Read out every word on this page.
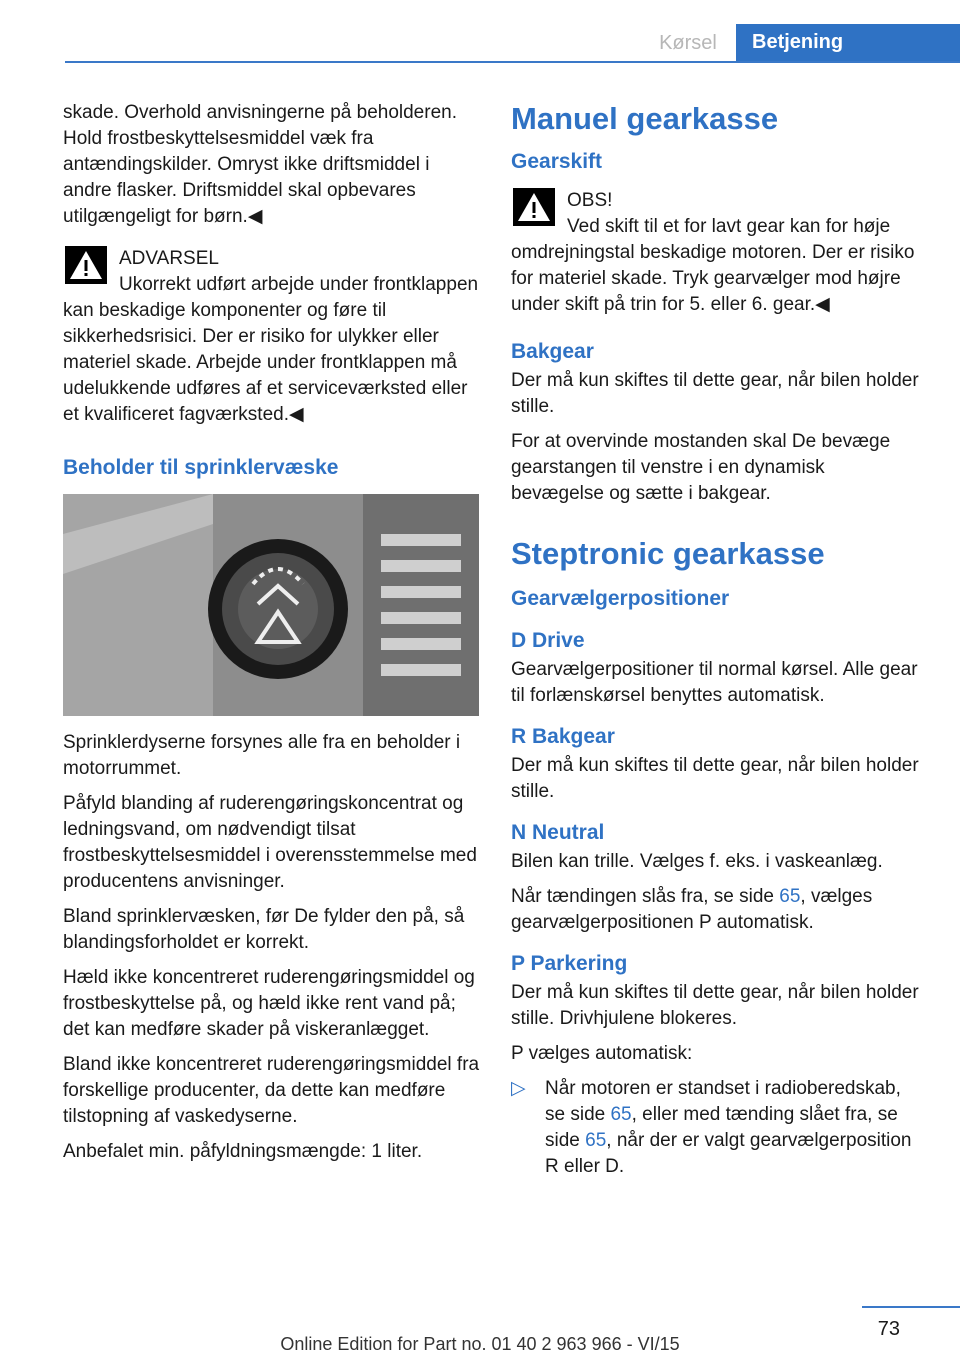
Kørsel	Betjening

skade. Overhold anvisningerne på beholderen. Hold frostbeskyttelsesmiddel væk fra antændingskilder. Omryst ikke driftsmiddel i andre flasker. Driftsmiddel skal opbevares utilgængeligt for børn.◀

ADVARSEL
Ukorrekt udført arbejde under frontklappen kan beskadige komponenter og føre til sikkerhedsrisici. Der er risiko for ulykker eller materiel skade. Arbejde under frontklappen må udelukkende udføres af et serviceværksted eller et kvalificeret fagværksted.◀

Beholder til sprinklervæske

Sprinklerdyserne forsynes alle fra en beholder i motorrummet.

Påfyld blanding af ruderengøringskoncentrat og ledningsvand, om nødvendigt tilsat frostbeskyttelsesmiddel i overensstemmelse med producentens anvisninger.

Bland sprinklervæsken, før De fylder den på, så blandingsforholdet er korrekt.

Hæld ikke koncentreret ruderengøringsmiddel og frostbeskyttelse på, og hæld ikke rent vand på; det kan medføre skader på viskeranlægget.

Bland ikke koncentreret ruderengøringsmiddel fra forskellige producenter, da dette kan medføre tilstopning af vaskedyserne.

Anbefalet min. påfyldningsmængde: 1 liter.

Manuel gearkasse
Gearskift

OBS!
Ved skift til et for lavt gear kan for høje omdrejningstal beskadige motoren. Der er risiko for materiel skade. Tryk gearvælger mod højre under skift på trin for 5. eller 6. gear.◀

Bakgear

Der må kun skiftes til dette gear, når bilen holder stille.

For at overvinde mostanden skal De bevæge gearstangen til venstre i en dynamisk bevægelse og sætte i bakgear.

Steptronic gearkasse
Gearvælgerpositioner
D Drive

Gearvælgerpositioner til normal kørsel. Alle gear til forlænskørsel benyttes automatisk.

R Bakgear

Der må kun skiftes til dette gear, når bilen holder stille.

N Neutral

Bilen kan trille. Vælges f. eks. i vaskeanlæg.

Når tændingen slås fra, se side 65, vælges gearvælgerpositionen P automatisk.

P Parkering

Der må kun skiftes til dette gear, når bilen holder stille. Drivhjulene blokeres.

P vælges automatisk:

▷ Når motoren er standset i radioberedskab, se side 65, eller med tænding slået fra, se side 65, når der er valgt gearvælgerposition R eller D.

73
Online Edition for Part no. 01 40 2 963 966 - VI/15
